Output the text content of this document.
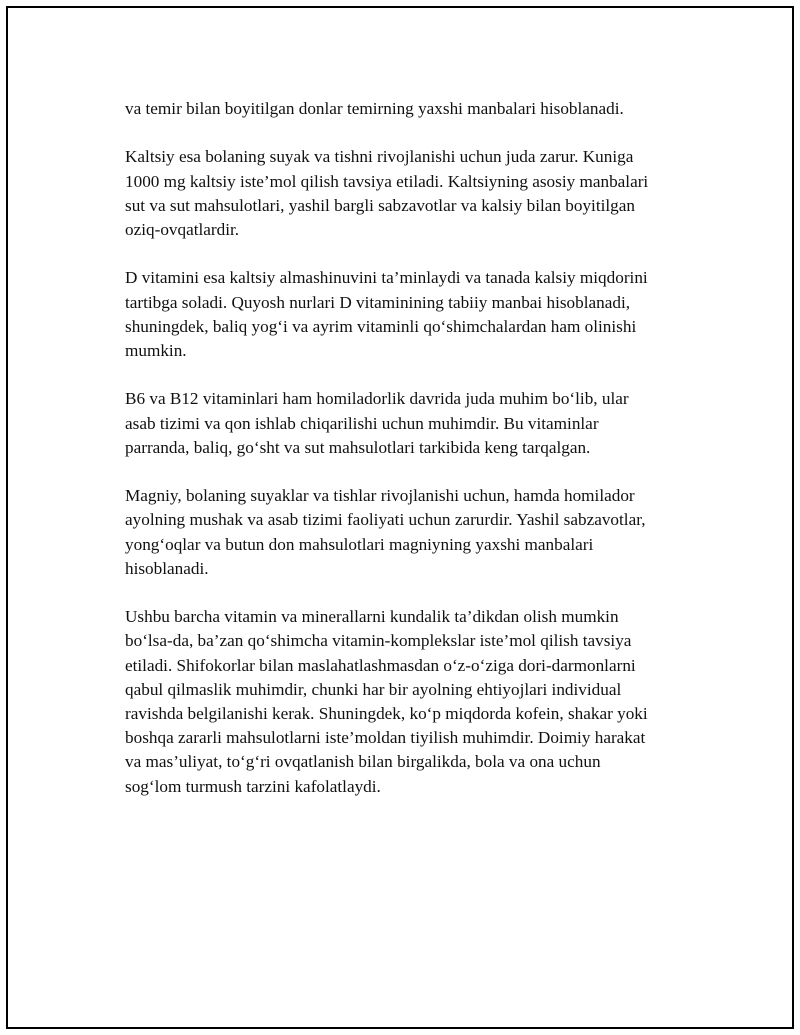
va temir bilan boyitilgan donlar temirning yaxshi manbalari hisoblanadi.

Kaltsiy esa bolaning suyak va tishni rivojlanishi uchun juda zarur. Kuniga
1000 mg kaltsiy iste’mol qilish tavsiya etiladi. Kaltsiyning asosiy manbalari
sut va sut mahsulotlari, yashil bargli sabzavotlar va kalsiy bilan boyitilgan
oziq-ovqatlardir.

D vitamini esa kaltsiy almashinuvini ta’minlaydi va tanada kalsiy miqdorini
tartibga soladi. Quyosh nurlari D vitaminining tabiiy manbai hisoblanadi,
shuningdek, baliq yog‘i va ayrim vitaminli qo‘shimchalardan ham olinishi
mumkin.

B6 va B12 vitaminlari ham homiladorlik davrida juda muhim bo‘lib, ular
asab tizimi va qon ishlab chiqarilishi uchun muhimdir. Bu vitaminlar
parranda, baliq, go‘sht va sut mahsulotlari tarkibida keng tarqalgan.

Magniy, bolaning suyaklar va tishlar rivojlanishi uchun, hamda homilador
ayolning mushak va asab tizimi faoliyati uchun zarurdir. Yashil sabzavotlar,
yong‘oqlar va butun don mahsulotlari magniyning yaxshi manbalari
hisoblanadi.

Ushbu barcha vitamin va minerallarni kundalik ta’dikdan olish mumkin
bo‘lsa-da, ba’zan qo‘shimcha vitamin-komplekslar iste’mol qilish tavsiya
etiladi. Shifokorlar bilan maslahatlashmasdan o‘z-o‘ziga dori-darmonlarni
qabul qilmaslik muhimdir, chunki har bir ayolning ehtiyojlari individual
ravishda belgilanishi kerak. Shuningdek, ko‘p miqdorda kofein, shakar yoki
boshqa zararli mahsulotlarni iste’moldan tiyilish muhimdir. Doimiy harakat
va mas’uliyat, to‘g‘ri ovqatlanish bilan birgalikda, bola va ona uchun
sog‘lom turmush tarzini kafolatlaydi.
